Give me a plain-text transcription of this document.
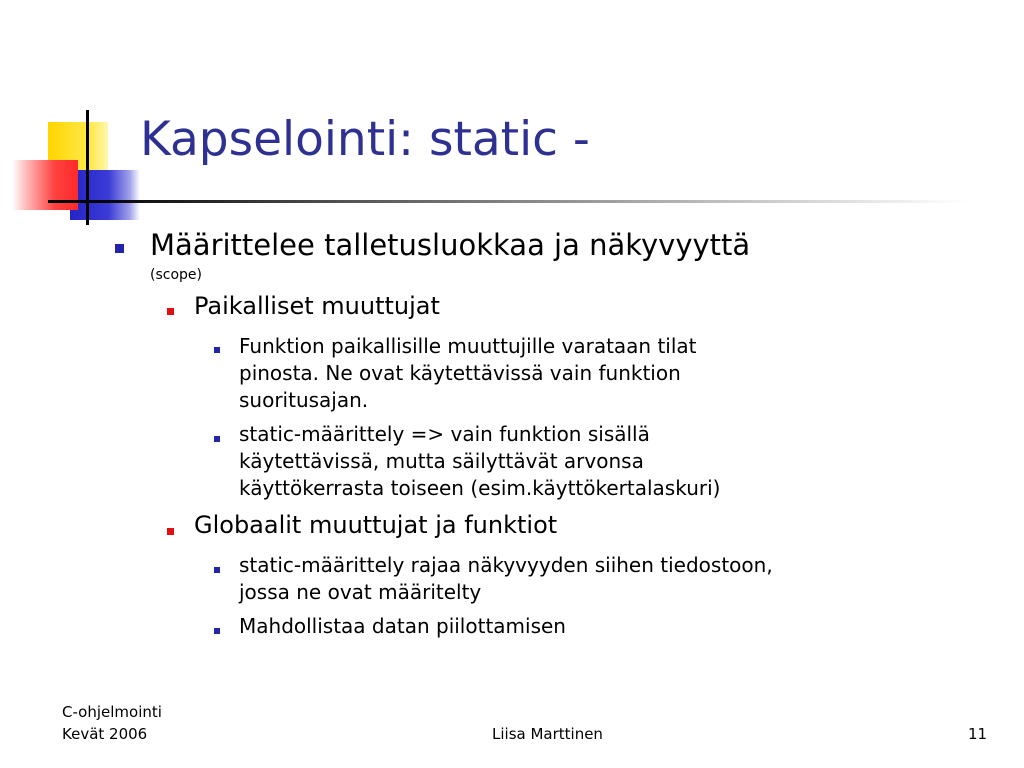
Kapselointi: static -
Määrittelee talletusluokkaa ja näkyvyyttä
(scope)
Paikalliset muuttujat
Funktion paikallisille muuttujille varataan tilat
pinosta. Ne ovat käytettävissä vain funktion
suoritusajan.
static-määrittely => vain funktion sisällä
käytettävissä, mutta säilyttävät arvonsa
käyttökerrasta toiseen (esim.käyttökertalaskuri)
Globaalit muuttujat ja funktiot
static-määrittely rajaa näkyvyyden siihen tiedostoon,
jossa ne ovat määritelty
Mahdollistaa datan piilottamisen
C-ohjelmointi
Kevät 2006	Liisa Marttinen	11
